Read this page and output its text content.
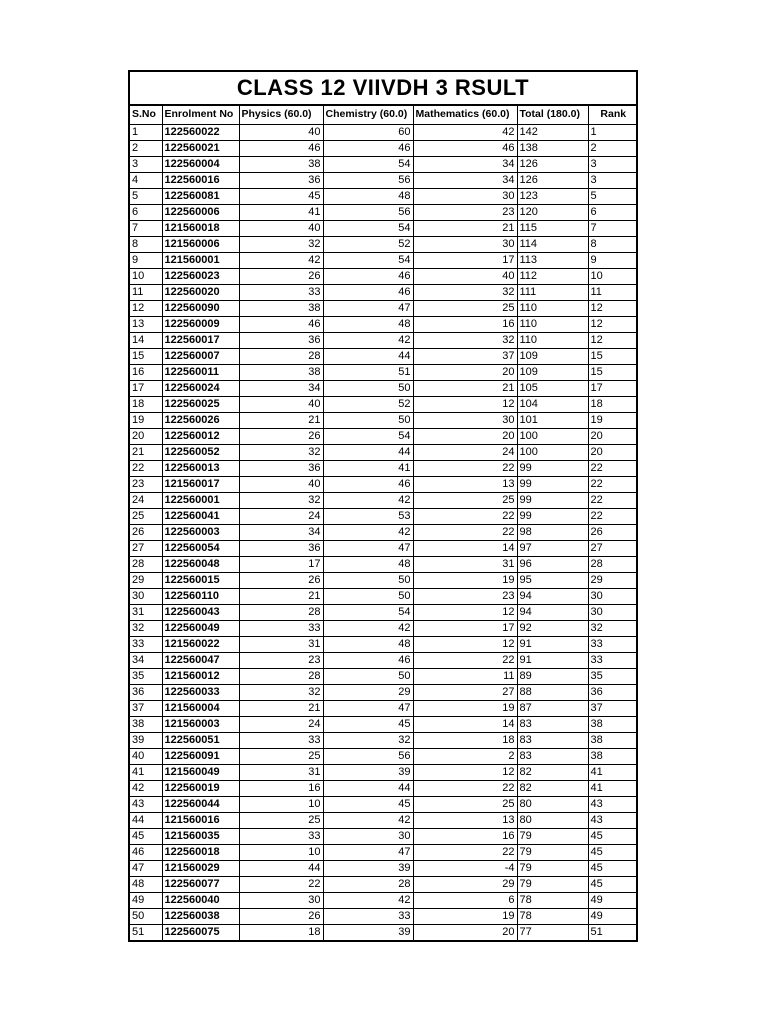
CLASS 12 VIIVDH 3 RSULT
S.No	Enrolment No	Physics (60.0)	Chemistry (60.0)	Mathematics (60.0)	Total (180.0)	Rank
1	122560022	40	60	42	142	1
2	122560021	46	46	46	138	2
3	122560004	38	54	34	126	3
4	122560016	36	56	34	126	3
5	122560081	45	48	30	123	5
6	122560006	41	56	23	120	6
7	121560018	40	54	21	115	7
8	121560006	32	52	30	114	8
9	121560001	42	54	17	113	9
10	122560023	26	46	40	112	10
11	122560020	33	46	32	111	11
12	122560090	38	47	25	110	12
13	122560009	46	48	16	110	12
14	122560017	36	42	32	110	12
15	122560007	28	44	37	109	15
16	122560011	38	51	20	109	15
17	122560024	34	50	21	105	17
18	122560025	40	52	12	104	18
19	122560026	21	50	30	101	19
20	122560012	26	54	20	100	20
21	122560052	32	44	24	100	20
22	122560013	36	41	22	99	22
23	121560017	40	46	13	99	22
24	122560001	32	42	25	99	22
25	122560041	24	53	22	99	22
26	122560003	34	42	22	98	26
27	122560054	36	47	14	97	27
28	122560048	17	48	31	96	28
29	122560015	26	50	19	95	29
30	122560110	21	50	23	94	30
31	122560043	28	54	12	94	30
32	122560049	33	42	17	92	32
33	121560022	31	48	12	91	33
34	122560047	23	46	22	91	33
35	121560012	28	50	11	89	35
36	122560033	32	29	27	88	36
37	121560004	21	47	19	87	37
38	121560003	24	45	14	83	38
39	122560051	33	32	18	83	38
40	122560091	25	56	2	83	38
41	121560049	31	39	12	82	41
42	122560019	16	44	22	82	41
43	122560044	10	45	25	80	43
44	121560016	25	42	13	80	43
45	121560035	33	30	16	79	45
46	122560018	10	47	22	79	45
47	121560029	44	39	-4	79	45
48	122560077	22	28	29	79	45
49	122560040	30	42	6	78	49
50	122560038	26	33	19	78	49
51	122560075	18	39	20	77	51
